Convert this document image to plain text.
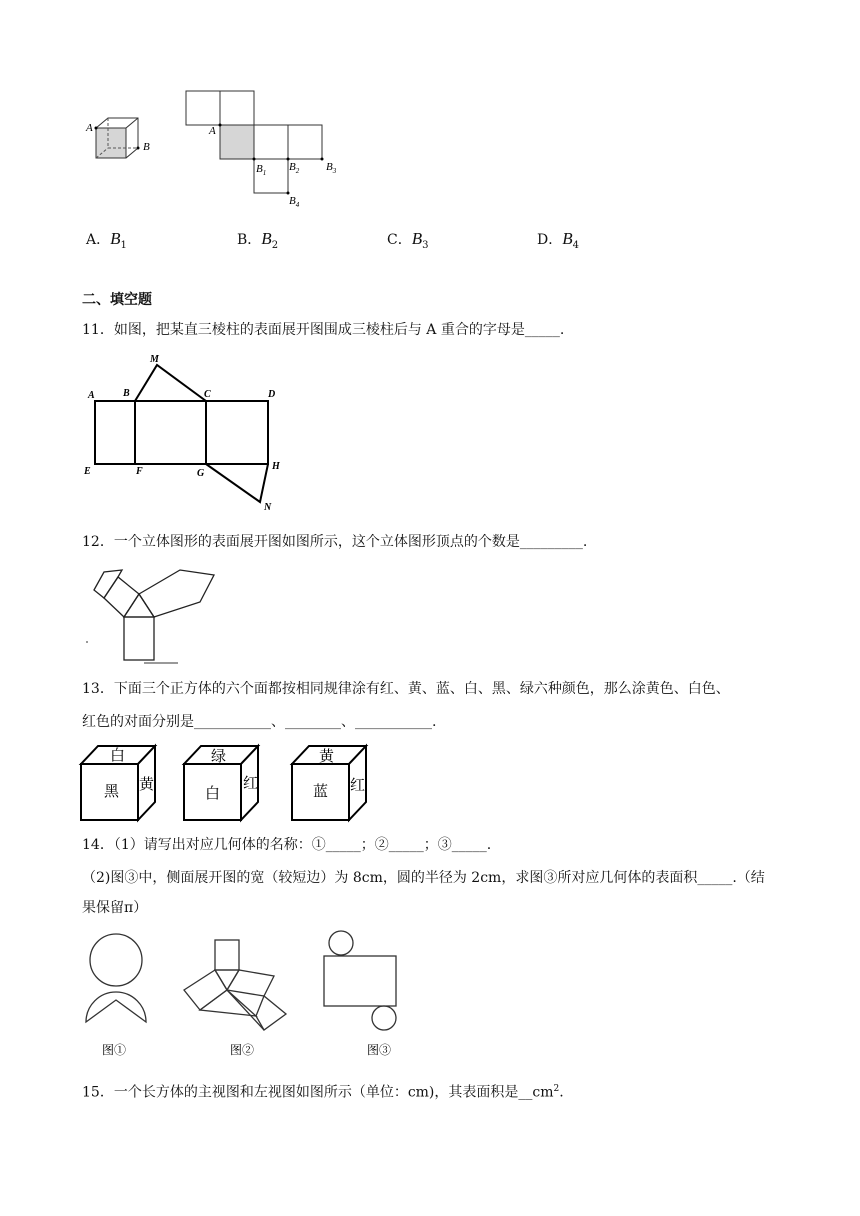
A
B
A
$B_1$ $B_2$ $B_3$
$B_4$
A．$B_1$	B．$B_2$	C．$B_3$	D．$B_4$
二、填空题
11．如图，把某直三棱柱的表面展开图围成三棱柱后与 A 重合的字母是_____.
A	B	C	D
E	F	G
H
M
N
12．一个立体图形的表面展开图如图所示，这个立体图形顶点的个数是_________.
13．下面三个正方体的六个面都按相同规律涂有红、黄、蓝、白、黑、绿六种颜色，那么涂黄色、白色、
红色的对面分别是___________、________、___________.
白
黑 黄
绿
白
红
黄
蓝 红
14．（1）请写出对应几何体的名称：①_____；②_____；③_____.
（2)图③中，侧面展开图的宽（较短边）为 8cm，圆的半径为 2cm，求图③所对应几何体的表面积_____.（结
果保留π）
图①	图②	图③
15．一个长方体的主视图和左视图如图所示（单位：cm)，其表面积是$\_\_cm^2$.
